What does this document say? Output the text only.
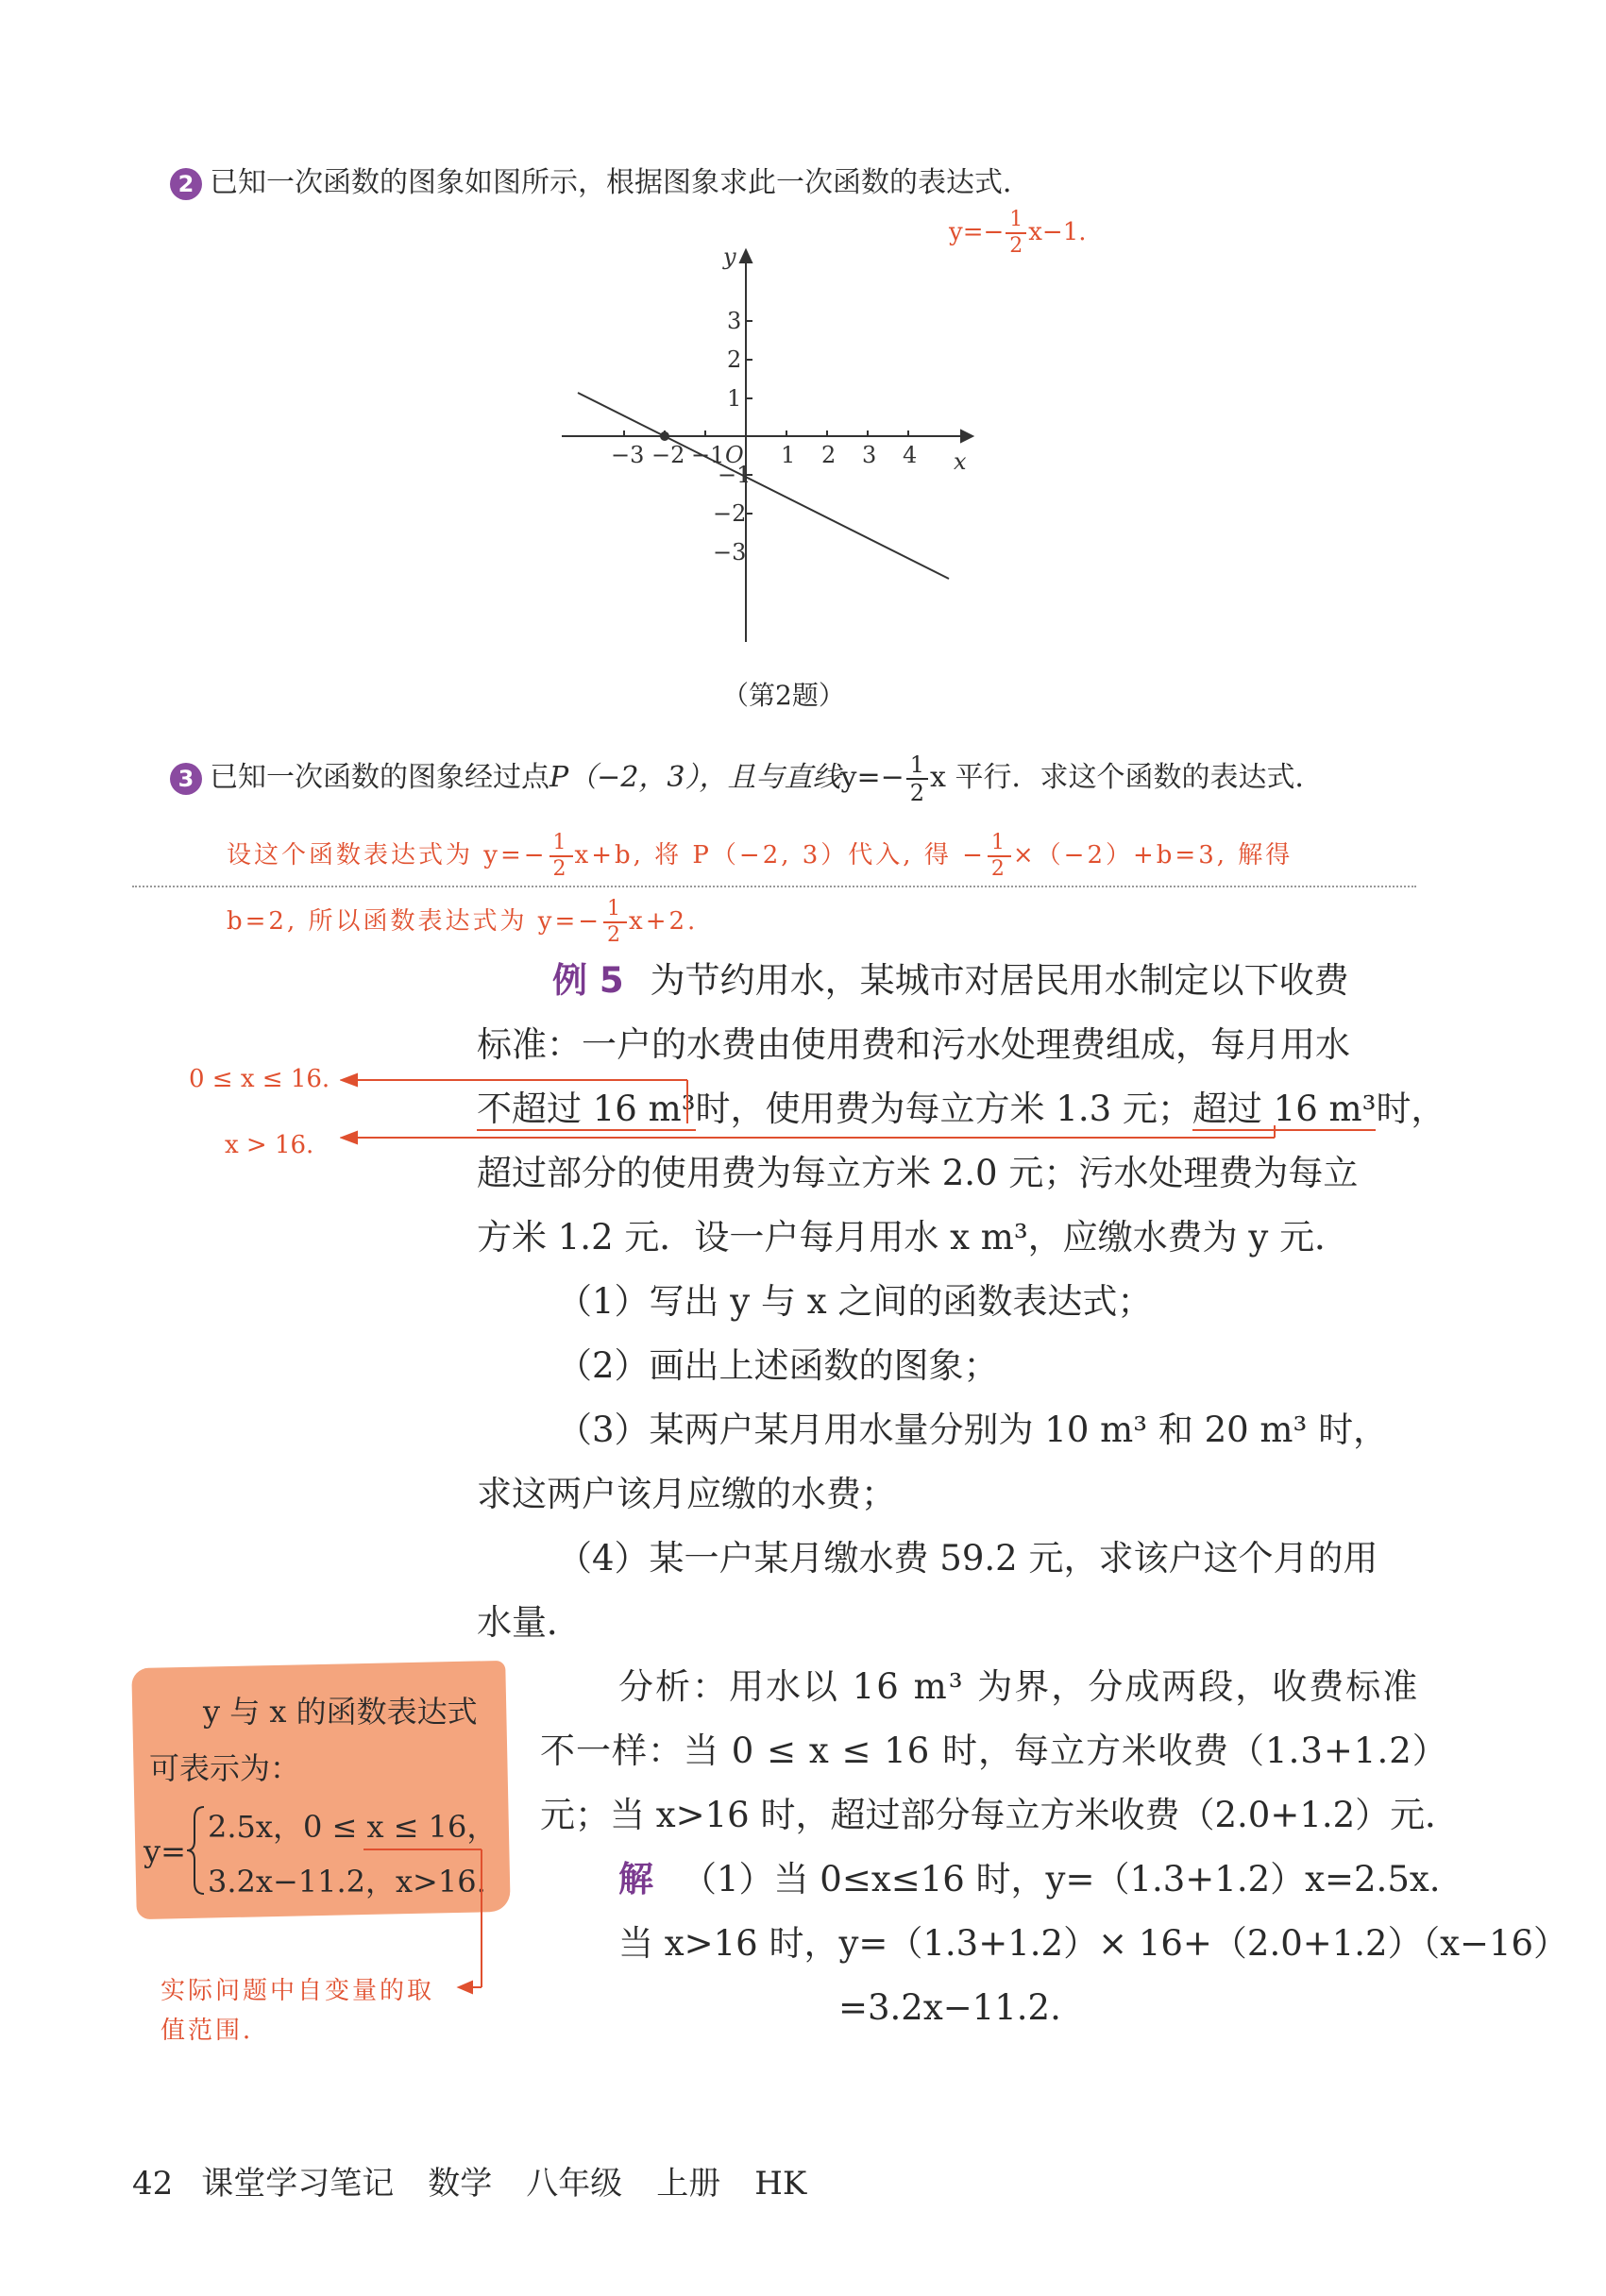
2 已知一次函数的图象如图所示，根据图象求此一次函数的表达式．
$y=- \frac{1}{2} x-1$.
y
x
O
−3 −2 −1 1 2 3 4
3
2
1
−1
−2
−3
（第2题）
3 已知一次函数的图象经过点P（−2，3），且与直线$y=- \frac{1}{2}$ x 平行．求这个函数的表达式．
设这个函数表达式为 $y=- \frac{1}{2} x+b$, 将 P（−2, 3）代入, 得 − $\frac{1}{2} \times(-2)+b=3$, 解得
b=2, 所以函数表达式为 $y=- \frac{1}{2} x+2$.
例 5 为节约用水，某城市对居民用水制定以下收费
标准：一户的水费由使用费和污水处理费组成，每月用水
不超过 16 m³时，使用费为每立方米 1.3 元；超过 16 m³时，
超过部分的使用费为每立方米 2.0 元；污水处理费为每立
方米 1.2 元．设一户每月用水 x m³，应缴水费为 y 元．
（1）写出 y 与 x 之间的函数表达式；
（2）画出上述函数的图象；
（3）某两户某月用水量分别为 10 m³ 和 20 m³ 时，
求这两户该月应缴的水费；
（4）某一户某月缴水费 59.2 元，求该户这个月的用
水量．
0 ≤ x ≤ 16.
x > 16.
分析：用水以 16 m³ 为界，分成两段，收费标准
不一样：当 0 ≤ x ≤ 16 时，每立方米收费（1.3+1.2）
元；当 x>16 时，超过部分每立方米收费（2.0+1.2）元．
解 （1）当 0≤x≤16 时，y=（1.3+1.2）x=2.5x.
当 x>16 时，y=（1.3+1.2）× 16+（2.0+1.2）（x−16）
=3.2x−11.2.
y 与 x 的函数表达式
可表示为：
y=
2.5x，0 ≤ x ≤ 16，
3.2x−11.2，x>16.
实际问题中自变量的取
值范围．
42 课堂学习笔记 数学 八年级 上册 HK
